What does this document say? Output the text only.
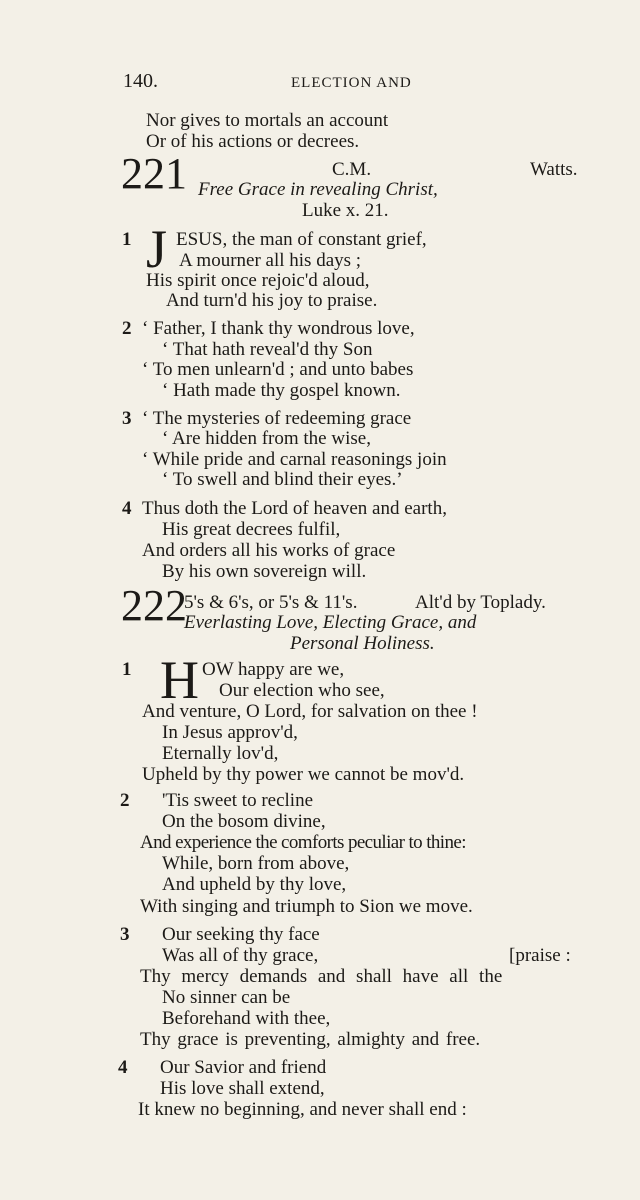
140.	ELECTION AND
Nor gives to mortals an account
Or of his actions or decrees.
221	C.M.	Watts.
Free Grace in revealing Christ,
Luke x. 21.
1 J ESUS, the man of constant grief,
A mourner all his days ;
His spirit once rejoic'd aloud,
And turn'd his joy to praise.
2 ‘ Father, I thank thy wondrous love,
‘ That hath reveal'd thy Son
‘ To men unlearn'd ; and unto babes
‘ Hath made thy gospel known.
3 ‘ The mysteries of redeeming grace
‘ Are hidden from the wise,
‘ While pride and carnal reasonings join
‘ To swell and blind their eyes.’
4 Thus doth the Lord of heaven and earth,
His great decrees fulfil,
And orders all his works of grace
By his own sovereign will.
222
5's & 6's, or 5's & 11's.	Alt'd by Toplady.
Everlasting Love, Electing Grace, and
Personal Holiness.
1 H OW happy are we,
Our election who see,
And venture, O Lord, for salvation on thee !
In Jesus approv'd,
Eternally lov'd,
Upheld by thy power we cannot be mov'd.
2 'Tis sweet to recline
On the bosom divine,
And experience the comforts peculiar to thine:
While, born from above,
And upheld by thy love,
With singing and triumph to Sion we move.
3 Our seeking thy face
Was all of thy grace,	[praise :
Thy mercy demands and shall have all the
No sinner can be
Beforehand with thee,
Thy grace is preventing, almighty and free.
4 Our Savior and friend
His love shall extend,
It knew no beginning, and never shall end :
